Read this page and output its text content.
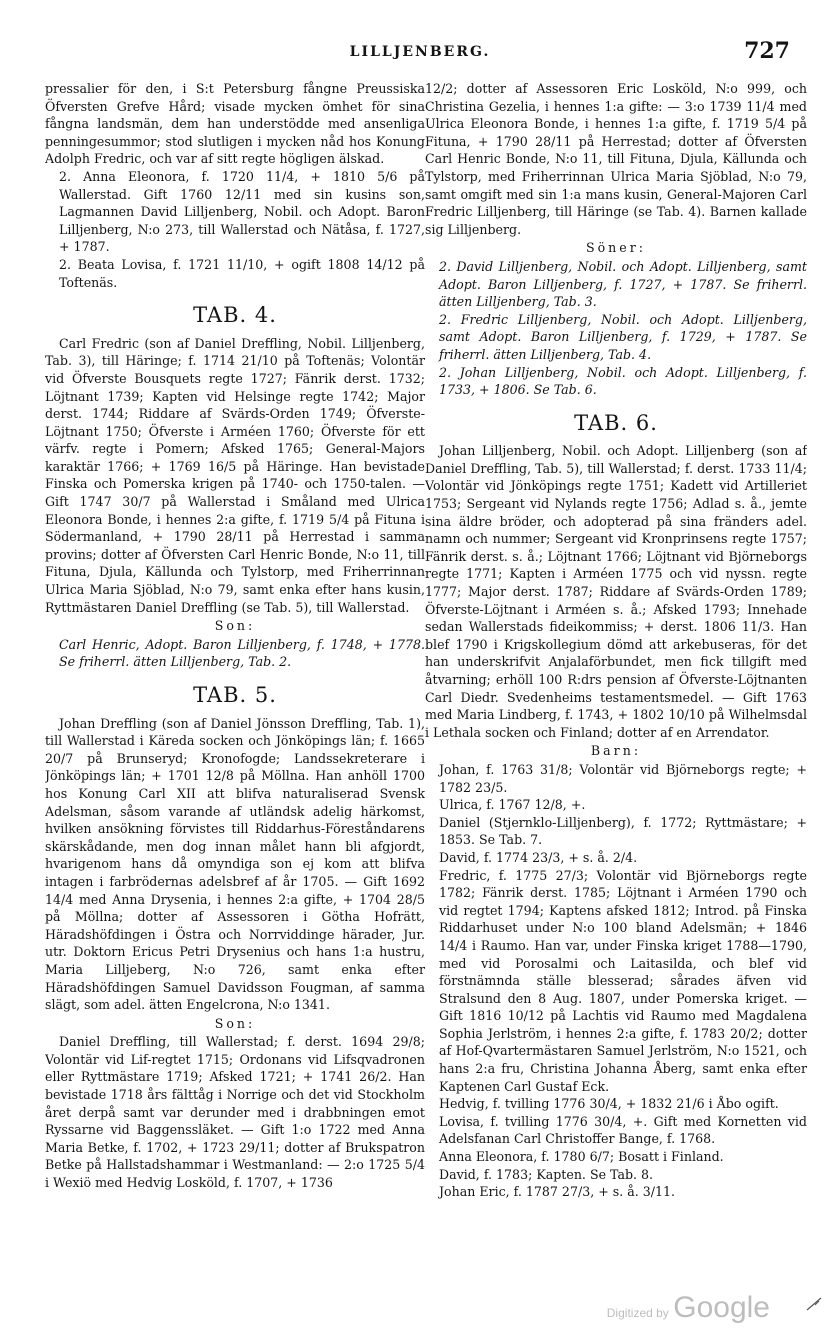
LILLJENBERG.	727

pressalier för den, i S:t Petersburg fångne Preussiska Öfversten Grefve Hård; visade mycken ömhet för sina fångna landsmän, dem han understödde med ansenliga penningesummor; stod slutligen i mycken nåd hos Konung Adolph Fredric, och var af sitt regte högligen älskad.

2. Anna Eleonora, f. 1720 11/4, + 1810 5/6 på Wallerstad. Gift 1760 12/11 med sin kusins son, Lagmannen David Lilljenberg, Nobil. och Adopt. Baron Lilljenberg, N:o 273, till Wallerstad och Nätåsa, f. 1727, + 1787.

2. Beata Lovisa, f. 1721 11/10, + ogift 1808 14/12 på Toftenäs.

TAB. 4.

Carl Fredric (son af Daniel Dreffling, Nobil. Lilljenberg, Tab. 3), till Häringe; f. 1714 21/10 på Toftenäs; Volontär vid Öfverste Bousquets regte 1727; Fänrik derst. 1732; Löjtnant 1739; Kapten vid Helsinge regte 1742; Major derst. 1744; Riddare af Svärds-Orden 1749; Öfverste-Löjtnant 1750; Öfverste i Arméen 1760; Öfverste för ett värfv. regte i Pomern; Afsked 1765; General-Majors karaktär 1766; + 1769 16/5 på Häringe. Han bevistade Finska och Pomerska krigen på 1740- och 1750-talen. — Gift 1747 30/7 på Wallerstad i Småland med Ulrica Eleonora Bonde, i hennes 2:a gifte, f. 1719 5/4 på Fituna i Södermanland, + 1790 28/11 på Herrestad i samma provins; dotter af Öfversten Carl Henric Bonde, N:o 11, till Fituna, Djula, Källunda och Tylstorp, med Friherrinnan Ulrica Maria Sjöblad, N:o 79, samt enka efter hans kusin, Ryttmästaren Daniel Dreffling (se Tab. 5), till Wallerstad.

Son:

Carl Henric, Adopt. Baron Lilljenberg, f. 1748, + 1778. Se friherrl. ätten Lilljenberg, Tab. 2.

TAB. 5.

Johan Dreffling (son af Daniel Jönsson Dreffling, Tab. 1), till Wallerstad i Käreda socken och Jönköpings län; f. 1665 20/7 på Brunseryd; Kronofogde; Landssekreterare i Jönköpings län; + 1701 12/8 på Möllna. Han anhöll 1700 hos Konung Carl XII att blifva naturaliserad Svensk Adelsman, såsom varande af utländsk adelig härkomst, hvilken ansökning förvistes till Riddarhus-Föreståndarens skärskådande, men dog innan målet hann bli afgjordt, hvarigenom hans då omyndiga son ej kom att blifva intagen i farbrödernas adelsbref af år 1705. — Gift 1692 14/4 med Anna Drysenia, i hennes 2:a gifte, + 1704 28/5 på Möllna; dotter af Assessoren i Götha Hofrätt, Häradshöfdingen i Östra och Norrviddinge härader, Jur. utr. Doktorn Ericus Petri Drysenius och hans 1:a hustru, Maria Lilljeberg, N:o 726, samt enka efter Häradshöfdingen Samuel Davidsson Fougman, af samma slägt, som adel. ätten Engelcrona, N:o 1341.

Son:

Daniel Dreffling, till Wallerstad; f. derst. 1694 29/8; Volontär vid Lif-regtet 1715; Ordonans vid Lifsqvadronen eller Ryttmästare 1719; Afsked 1721; + 1741 26/2. Han bevistade 1718 års fälttåg i Norrige och det vid Stockholm året derpå samt var derunder med i drabbningen emot Ryssarne vid Baggenssläket. — Gift 1:o 1722 med Anna Maria Betke, f. 1702, + 1723 29/11; dotter af Brukspatron Betke på Hallstadshammar i Westmanland: — 2:o 1725 5/4 i Wexiö med Hedvig Losköld, f. 1707, + 1736

12/2; dotter af Assessoren Eric Losköld, N:o 999, och Christina Gezelia, i hennes 1:a gifte: — 3:o 1739 11/4 med Ulrica Eleonora Bonde, i hennes 1:a gifte, f. 1719 5/4 på Fituna, + 1790 28/11 på Herrestad; dotter af Öfversten Carl Henric Bonde, N:o 11, till Fituna, Djula, Källunda och Tylstorp, med Friherrinnan Ulrica Maria Sjöblad, N:o 79, samt omgift med sin 1:a mans kusin, General-Majoren Carl Fredric Lilljenberg, till Häringe (se Tab. 4). Barnen kallade sig Lilljenberg.

Söner:

2. David Lilljenberg, Nobil. och Adopt. Lilljenberg, samt Adopt. Baron Lilljenberg, f. 1727, + 1787. Se friherrl. ätten Lilljenberg, Tab. 3.

2. Fredric Lilljenberg, Nobil. och Adopt. Lilljenberg, samt Adopt. Baron Lilljenberg, f. 1729, + 1787. Se friherrl. ätten Lilljenberg, Tab. 4.

2. Johan Lilljenberg, Nobil. och Adopt. Lilljenberg, f. 1733, + 1806. Se Tab. 6.

TAB. 6.

Johan Lilljenberg, Nobil. och Adopt. Lilljenberg (son af Daniel Dreffling, Tab. 5), till Wallerstad; f. derst. 1733 11/4; Volontär vid Jönköpings regte 1751; Kadett vid Artilleriet 1753; Sergeant vid Nylands regte 1756; Adlad s. å., jemte sina äldre bröder, och adopterad på sina fränders adel. namn och nummer; Sergeant vid Kronprinsens regte 1757; Fänrik derst. s. å.; Löjtnant 1766; Löjtnant vid Björneborgs regte 1771; Kapten i Arméen 1775 och vid nyssn. regte 1777; Major derst. 1787; Riddare af Svärds-Orden 1789; Öfverste-Löjtnant i Arméen s. å.; Afsked 1793; Innehade sedan Wallerstads fideikommiss; + derst. 1806 11/3. Han blef 1790 i Krigskollegium dömd att arkebuseras, för det han underskrifvit Anjalaförbundet, men fick tillgift med åtvarning; erhöll 100 R:drs pension af Öfverste-Löjtnanten Carl Diedr. Svedenheims testamentsmedel. — Gift 1763 med Maria Lindberg, f. 1743, + 1802 10/10 på Wilhelmsdal i Lethala socken och Finland; dotter af en Arrendator.

Barn:

Johan, f. 1763 31/8; Volontär vid Björneborgs regte; + 1782 23/5.

Ulrica, f. 1767 12/8, +.

Daniel (Stjernklo-Lilljenberg), f. 1772; Ryttmästare; + 1853. Se Tab. 7.

David, f. 1774 23/3, + s. å. 2/4.

Fredric, f. 1775 27/3; Volontär vid Björneborgs regte 1782; Fänrik derst. 1785; Löjtnant i Arméen 1790 och vid regtet 1794; Kaptens afsked 1812; Introd. på Finska Riddarhuset under N:o 100 bland Adelsmän; + 1846 14/4 i Raumo. Han var, under Finska kriget 1788—1790, med vid Porosalmi och Laitasilda, och blef vid förstnämnda ställe blesserad; sårades äfven vid Stralsund den 8 Aug. 1807, under Pomerska kriget. — Gift 1816 10/12 på Lachtis vid Raumo med Magdalena Sophia Jerlström, i hennes 2:a gifte, f. 1783 20/2; dotter af Hof-Qvartermästaren Samuel Jerlström, N:o 1521, och hans 2:a fru, Christina Johanna Åberg, samt enka efter Kaptenen Carl Gustaf Eck.

Hedvig, f. tvilling 1776 30/4, + 1832 21/6 i Åbo ogift.

Lovisa, f. tvilling 1776 30/4, +. Gift med Kornetten vid Adelsfanan Carl Christoffer Bange, f. 1768.

Anna Eleonora, f. 1780 6/7; Bosatt i Finland.

David, f. 1783; Kapten. Se Tab. 8.

Johan Eric, f. 1787 27/3, + s. å. 3/11.

Digitized by Google
